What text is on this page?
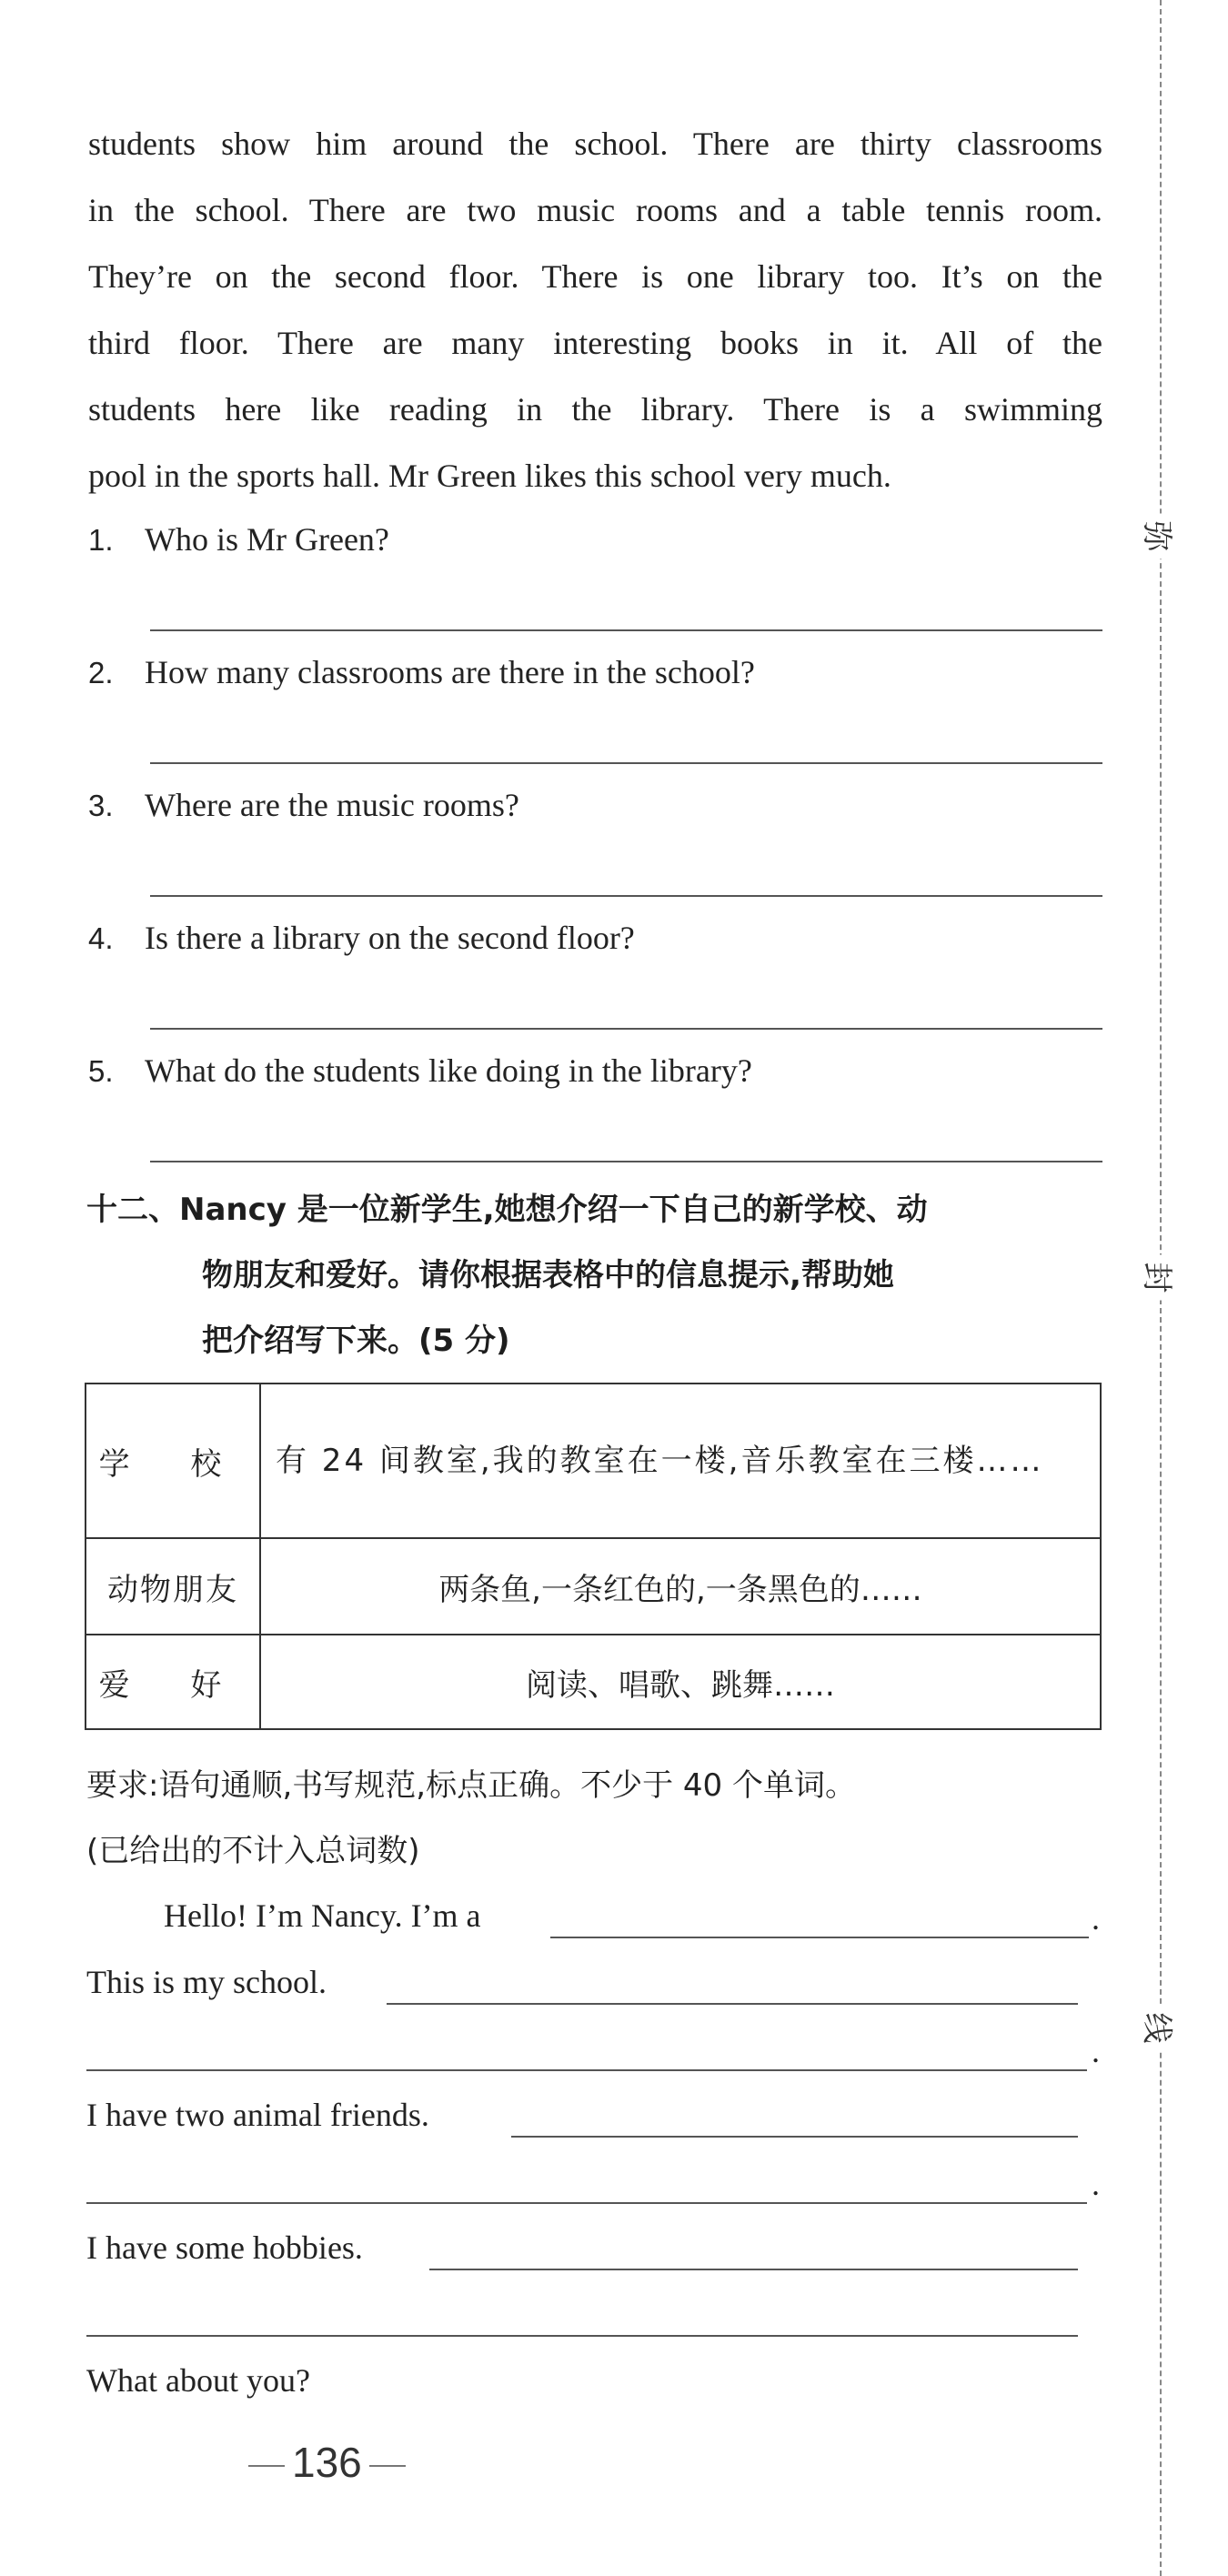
students show him around the school. There are thirty classrooms
in the school. There are two music rooms and a table tennis room.
They’re on the second floor. There is one library too. It’s on the
third floor. There are many interesting books in it. All of the
students here like reading in the library. There is a swimming
pool in the sports hall. Mr Green likes this school very much.
1. Who is Mr Green?
2. How many classrooms are there in the school?
3. Where are the music rooms?
4. Is there a library on the second floor?
5. What do the students like doing in the library?
十二、Nancy 是一位新学生,她想介绍一下自己的新学校、动
物朋友和爱好。请你根据表格中的信息提示,帮助她
把介绍写下来。(5 分)
学 校	有 24 间教室,我的教室在一楼,音乐教室在三楼……
动物朋友	两条鱼,一条红色的,一条黑色的……
爱 好	阅读、唱歌、跳舞……
要求:语句通顺,书写规范,标点正确。不少于 40 个单词。
(已给出的不计入总词数)
Hello! I’m Nancy. I’m a	.
This is my school.
.
I have two animal friends.
.
I have some hobbies.
What about you?
136
弥
封
线
